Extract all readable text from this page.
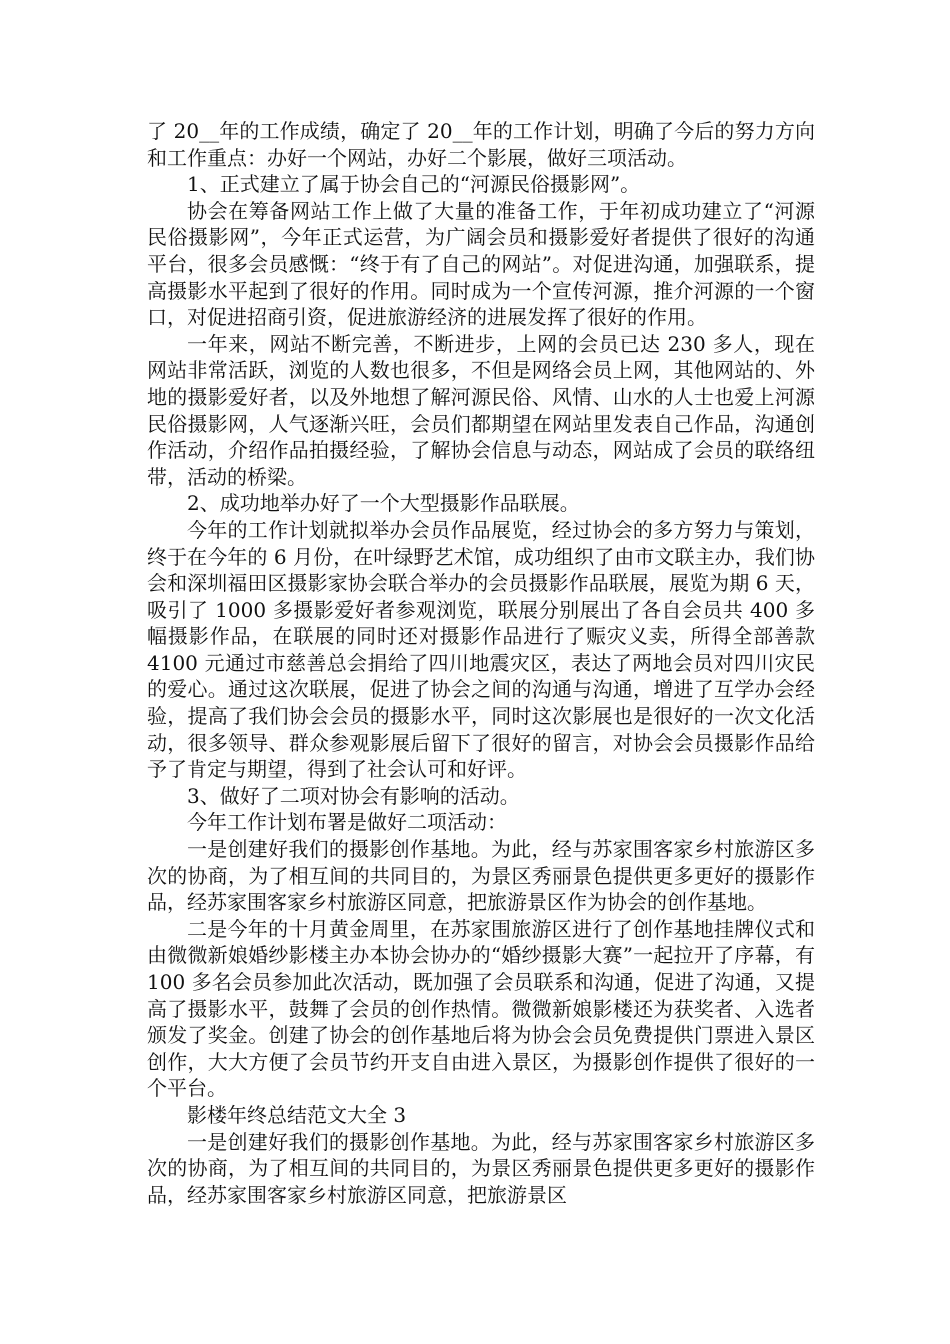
了 20__年的工作成绩，确定了 20__年的工作计划，明确了今后的努力方向和工作重点：办好一个网站，办好二个影展，做好三项活动。

1、正式建立了属于协会自己的“河源民俗摄影网”。

协会在筹备网站工作上做了大量的准备工作，于年初成功建立了“河源民俗摄影网”，今年正式运营，为广阔会员和摄影爱好者提供了很好的沟通平台，很多会员感慨：“终于有了自己的网站”。对促进沟通，加强联系，提高摄影水平起到了很好的作用。同时成为一个宣传河源，推介河源的一个窗口，对促进招商引资，促进旅游经济的进展发挥了很好的作用。

一年来，网站不断完善，不断进步，上网的会员已达 230 多人，现在网站非常活跃，浏览的人数也很多，不但是网络会员上网，其他网站的、外地的摄影爱好者，以及外地想了解河源民俗、风情、山水的人士也爱上河源民俗摄影网，人气逐渐兴旺，会员们都期望在网站里发表自己作品，沟通创作活动，介绍作品拍摄经验，了解协会信息与动态，网站成了会员的联络纽带，活动的桥梁。

2、成功地举办好了一个大型摄影作品联展。

今年的工作计划就拟举办会员作品展览，经过协会的多方努力与策划，终于在今年的 6 月份，在叶绿野艺术馆，成功组织了由市文联主办，我们协会和深圳福田区摄影家协会联合举办的会员摄影作品联展，展览为期 6 天，吸引了 1000 多摄影爱好者参观浏览，联展分别展出了各自会员共 400 多幅摄影作品，在联展的同时还对摄影作品进行了赈灾义卖，所得全部善款 4100 元通过市慈善总会捐给了四川地震灾区，表达了两地会员对四川灾民的爱心。通过这次联展，促进了协会之间的沟通与沟通，增进了互学办会经验，提高了我们协会会员的摄影水平，同时这次影展也是很好的一次文化活动，很多领导、群众参观影展后留下了很好的留言，对协会会员摄影作品给予了肯定与期望，得到了社会认可和好评。

3、做好了二项对协会有影响的活动。

今年工作计划布署是做好二项活动：

一是创建好我们的摄影创作基地。为此，经与苏家围客家乡村旅游区多次的协商，为了相互间的共同目的，为景区秀丽景色提供更多更好的摄影作品，经苏家围客家乡村旅游区同意，把旅游景区作为协会的创作基地。

二是今年的十月黄金周里，在苏家围旅游区进行了创作基地挂牌仪式和由微微新娘婚纱影楼主办本协会协办的“婚纱摄影大赛”一起拉开了序幕，有 100 多名会员参加此次活动，既加强了会员联系和沟通，促进了沟通，又提高了摄影水平，鼓舞了会员的创作热情。微微新娘影楼还为获奖者、入选者颁发了奖金。创建了协会的创作基地后将为协会会员免费提供门票进入景区创作，大大方便了会员节约开支自由进入景区，为摄影创作提供了很好的一个平台。

影楼年终总结范文大全 3

一是创建好我们的摄影创作基地。为此，经与苏家围客家乡村旅游区多次的协商，为了相互间的共同目的，为景区秀丽景色提供更多更好的摄影作品，经苏家围客家乡村旅游区同意，把旅游景区
